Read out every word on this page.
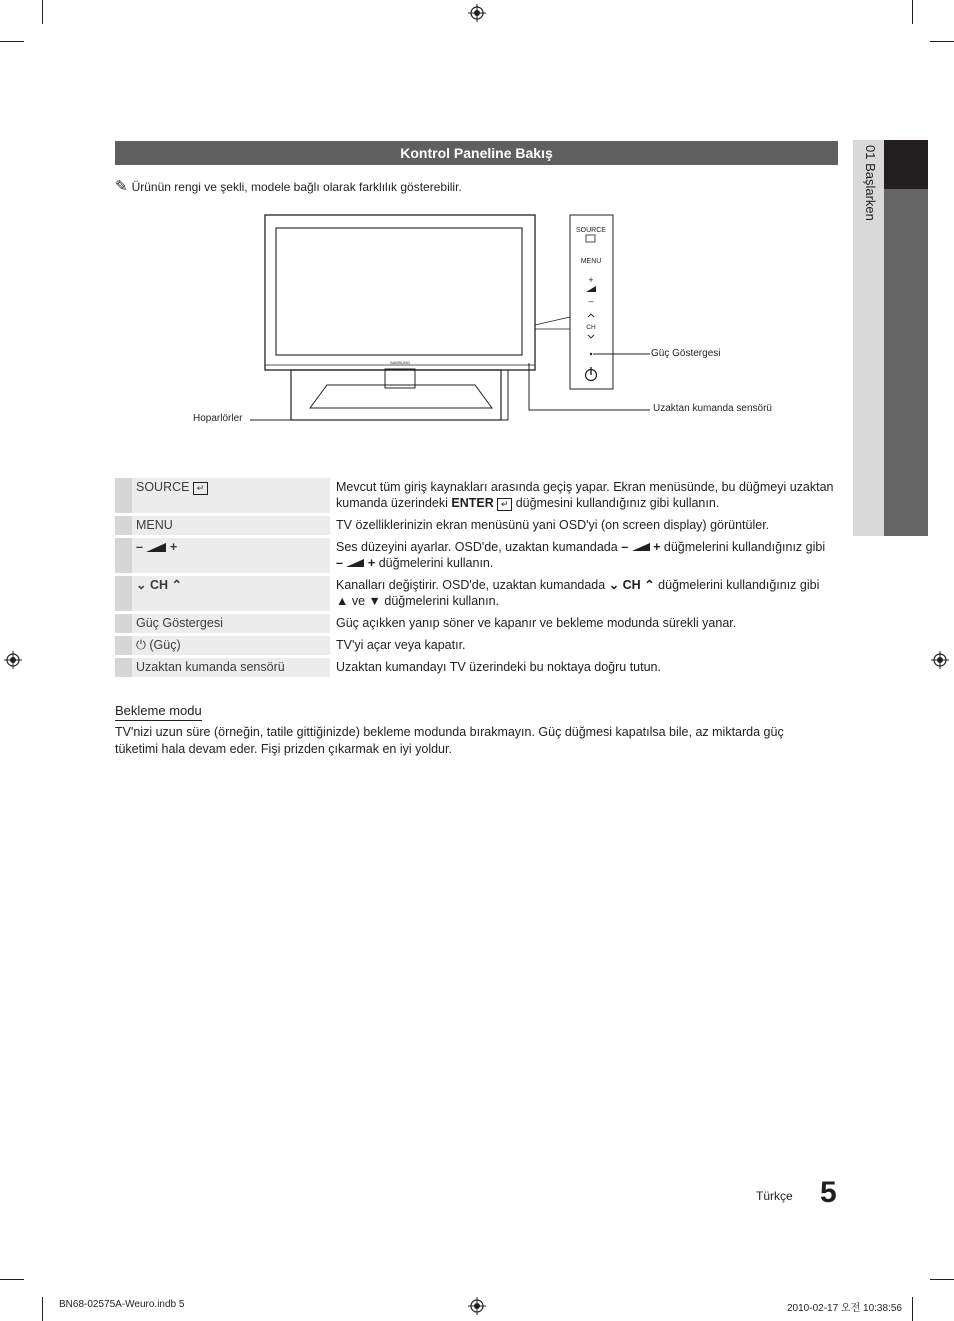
01 Başlarken
Kontrol Paneline Bakış
✎ Ürünün rengi ve şekli, modele bağlı olarak farklılık gösterebilir.
SAMSUNG
SOURCE
MENU
+
–
CH
Güç Göstergesi
Uzaktan kumanda sensörü
Hoparlörler
	SOURCE ↵		Mevcut tüm giriş kaynakları arasında geçiş yapar. Ekran menüsünde, bu düğmeyi uzaktan kumanda üzerindeki ENTER ↵ düğmesini kullandığınız gibi kullanın.
	MENU		TV özelliklerinizin ekran menüsünü yani OSD'yi (on screen display) görüntüler.
	– +		Ses düzeyini ayarlar. OSD'de, uzaktan kumandada – + düğmelerini kullandığınız gibi – + düğmelerini kullanın.
	⌄ CH ⌃		Kanalları değiştirir. OSD'de, uzaktan kumandada ⌄ CH ⌃ düğmelerini kullandığınız gibi ▲ ve ▼ düğmelerini kullanın.
	Güç Göstergesi		Güç açıkken yanıp söner ve kapanır ve bekleme modunda sürekli yanar.
	⏻ (Güç)		TV'yi açar veya kapatır.
	Uzaktan kumanda sensörü		Uzaktan kumandayı TV üzerindeki bu noktaya doğru tutun.
Bekleme modu
TV'nizi uzun süre (örneğin, tatile gittiğinizde) bekleme modunda bırakmayın. Güç düğmesi kapatılsa bile, az miktarda güç tüketimi hala devam eder. Fişi prizden çıkarmak en iyi yoldur.
Türkçe 5
BN68-02575A-Weuro.indb 5	2010-02-17 오전 10:38:56
